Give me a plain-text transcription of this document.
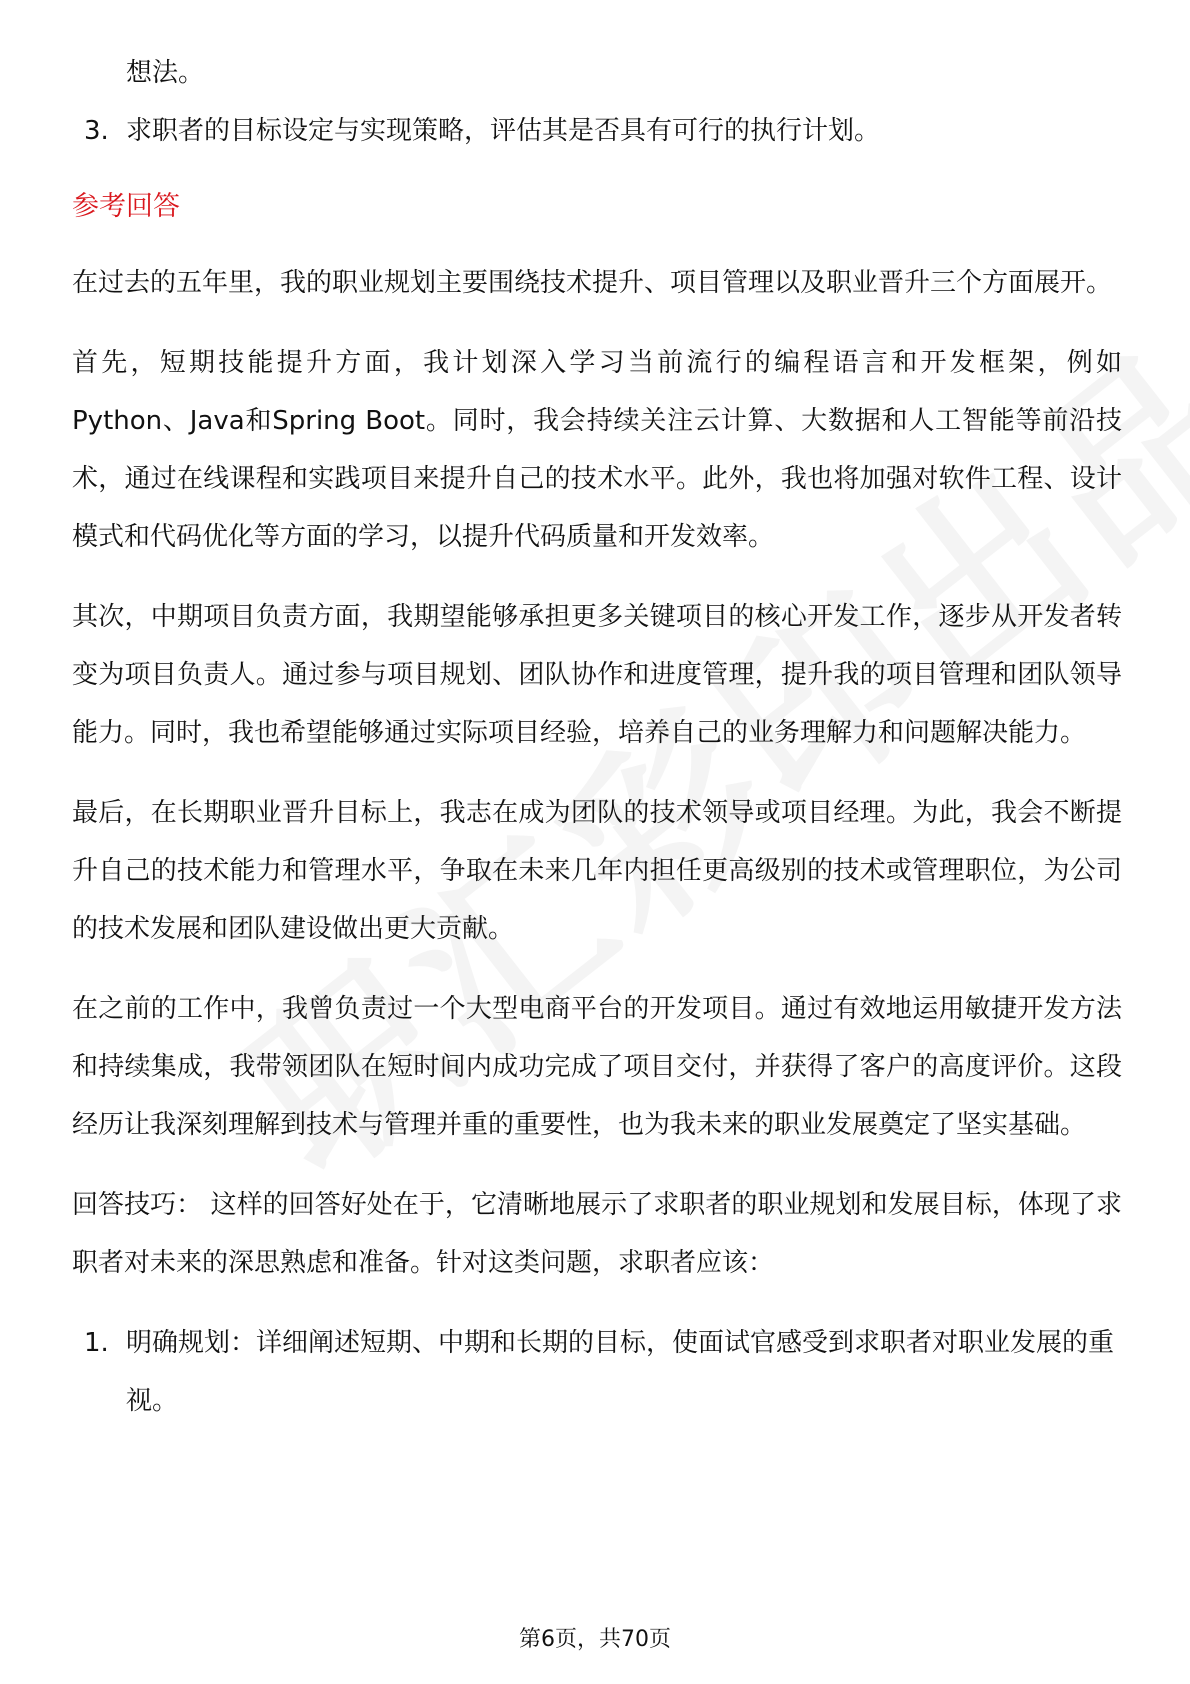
想法。

3. 求职者的目标设定与实现策略，评估其是否具有可行的执行计划。
参考回答

在过去的五年里，我的职业规划主要围绕技术提升、项目管理以及职业晋升三个方面展开。

首先，短期技能提升方面，我计划深入学习当前流行的编程语言和开发框架，例如Python、Java和Spring Boot。同时，我会持续关注云计算、大数据和人工智能等前沿技术，通过在线课程和实践项目来提升自己的技术水平。此外，我也将加强对软件工程、设计模式和代码优化等方面的学习，以提升代码质量和开发效率。

其次，中期项目负责方面，我期望能够承担更多关键项目的核心开发工作，逐步从开发者转变为项目负责人。通过参与项目规划、团队协作和进度管理，提升我的项目管理和团队领导能力。同时，我也希望能够通过实际项目经验，培养自己的业务理解力和问题解决能力。

最后，在长期职业晋升目标上，我志在成为团队的技术领导或项目经理。为此，我会不断提升自己的技术能力和管理水平，争取在未来几年内担任更高级别的技术或管理职位，为公司的技术发展和团队建设做出更大贡献。

在之前的工作中，我曾负责过一个大型电商平台的开发项目。通过有效地运用敏捷开发方法和持续集成，我带领团队在短时间内成功完成了项目交付，并获得了客户的高度评价。这段经历让我深刻理解到技术与管理并重的重要性，也为我未来的职业发展奠定了坚实基础。

回答技巧： 这样的回答好处在于，它清晰地展示了求职者的职业规划和发展目标，体现了求职者对未来的深思熟虑和准备。针对这类问题，求职者应该：

1. 明确规划：详细阐述短期、中期和长期的目标，使面试官感受到求职者对职业发展的重视。
第6页，共70页
